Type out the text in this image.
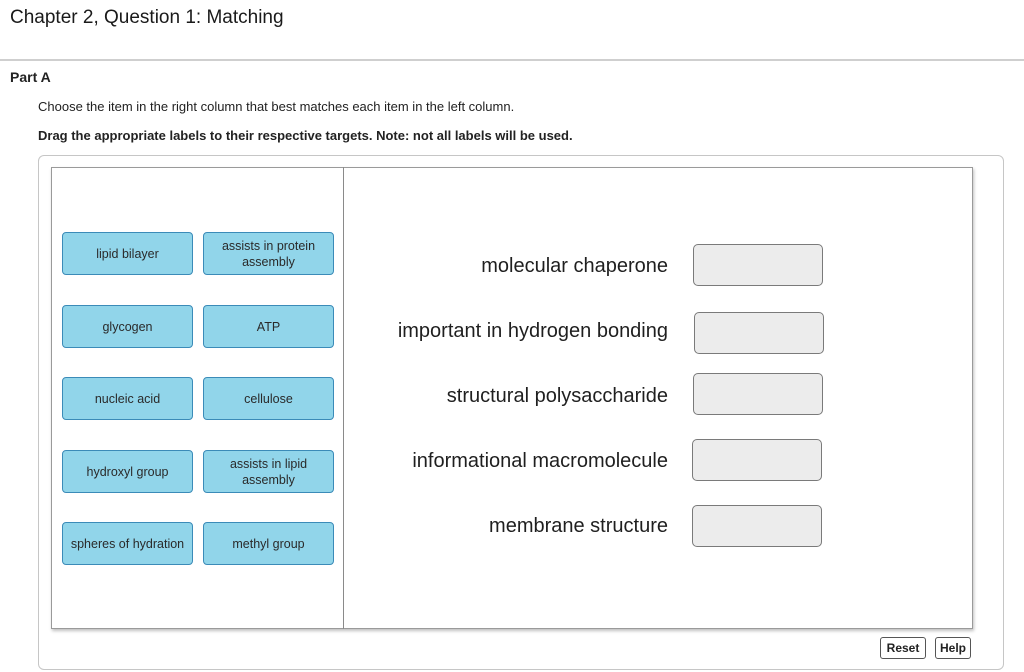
Chapter 2, Question 1: Matching
Part A
Choose the item in the right column that best matches each item in the left column.
Drag the appropriate labels to their respective targets. Note: not all labels will be used.
lipid bilayer
assists in protein assembly
glycogen	ATP
nucleic acid	cellulose
hydroxyl group
assists in lipid assembly
spheres of hydration	methyl group
molecular chaperone
important in hydrogen bonding
structural polysaccharide
informational macromolecule
membrane structure
Reset	Help
